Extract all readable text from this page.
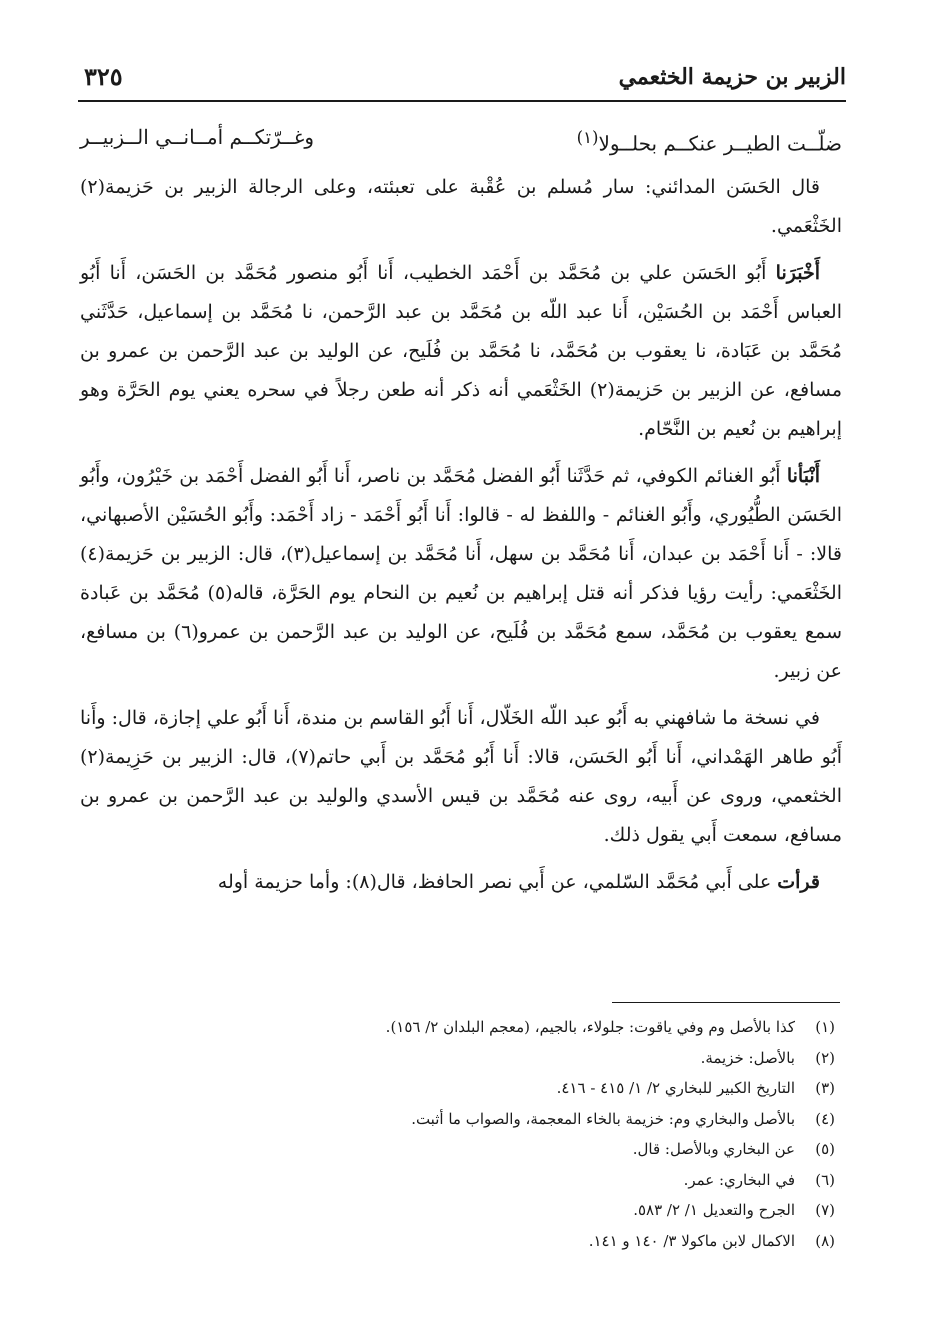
الزبير بن حزيمة الخثعمي
٣٢٥
ضلّــت الطيــر عنكــم بحلــولا$^{(١)}$
وغــرّتكــم أمــانــي الــزبيــر

قال الحَسَن المدائني: سار مُسلم بن عُقْبة على تعبئته، وعلى الرجالة الزبير بن حَزيمة(٢) الخَثْعَمي.

أَخْبَرَنا أَبُو الحَسَن علي بن مُحَمَّد بن أَحْمَد الخطيب، أَنا أَبُو منصور مُحَمَّد بن الحَسَن، أَنا أَبُو العباس أَحْمَد بن الحُسَيْن، أَنا عبد اللّه بن مُحَمَّد بن عبد الرَّحمن، نا مُحَمَّد بن إسماعيل، حَدَّثَني مُحَمَّد بن عَبَادة، نا يعقوب بن مُحَمَّد، نا مُحَمَّد بن فُلَيح، عن الوليد بن عبد الرَّحمن بن عمرو بن مسافع، عن الزبير بن حَزيمة(٢) الخَثْعَمي أنه ذكر أنه طعن رجلاً في سحره يعني يوم الحَرَّة وهو إبراهيم بن نُعيم بن النَّحّام.

أَنْبَأنا أَبُو الغنائم الكوفي، ثم حَدَّثَنا أَبُو الفضل مُحَمَّد بن ناصر، أَنا أَبُو الفضل أَحْمَد بن خَيْرُون، وأَبُو الحَسَن الطُّيُوري، وأَبُو الغنائم - واللفظ له - قالوا: أَنا أَبُو أَحْمَد - زاد أَحْمَد: وأَبُو الحُسَيْن الأصبهاني، قالا: - أَنا أَحْمَد بن عبدان، أَنا مُحَمَّد بن سهل، أَنا مُحَمَّد بن إسماعيل(٣)، قال: الزبير بن حَزيمة(٤) الخَثْعَمي: رأيت رؤيا فذكر أنه قتل إبراهيم بن نُعيم بن النحام يوم الحَرَّة، قاله(٥) مُحَمَّد بن عَبادة سمع يعقوب بن مُحَمَّد، سمع مُحَمَّد بن فُلَيح، عن الوليد بن عبد الرَّحمن بن عمرو(٦) بن مسافع، عن زبير.

في نسخة ما شافهني به أَبُو عبد اللّه الخَلّال، أَنا أَبُو القاسم بن مندة، أَنا أَبُو علي إجازة، قال: وأَنا أَبُو طاهر الهَمْداني، أَنا أَبُو الحَسَن، قالا: أَنا أَبُو مُحَمَّد بن أَبي حاتم(٧)، قال: الزبير بن حَزِيمة(٢) الخثعمي، وروى عن أَبيه، روى عنه مُحَمَّد بن قيس الأسدي والوليد بن عبد الرَّحمن بن عمرو بن مسافع، سمعت أَبي يقول ذلك.

قرأت على أَبي مُحَمَّد السّلمي، عن أَبي نصر الحافظ، قال(٨): وأما حزيمة أوله

(١)
كذا بالأصل وم وفي ياقوت: جلولاء، بالجيم، (معجم البلدان ٢/ ١٥٦).
(٢)
بالأصل: خزيمة.
(٣)
التاريخ الكبير للبخاري ٢/ ١/ ٤١٥ - ٤١٦.
(٤)
بالأصل والبخاري وم: خزيمة بالخاء المعجمة، والصواب ما أثبت.
(٥)
عن البخاري وبالأصل: قال.
(٦)
في البخاري: عمر.
(٧)
الجرح والتعديل ١/ ٢/ ٥٨٣.
(٨)
الاكمال لابن ماكولا ٣/ ١٤٠ و ١٤١.
